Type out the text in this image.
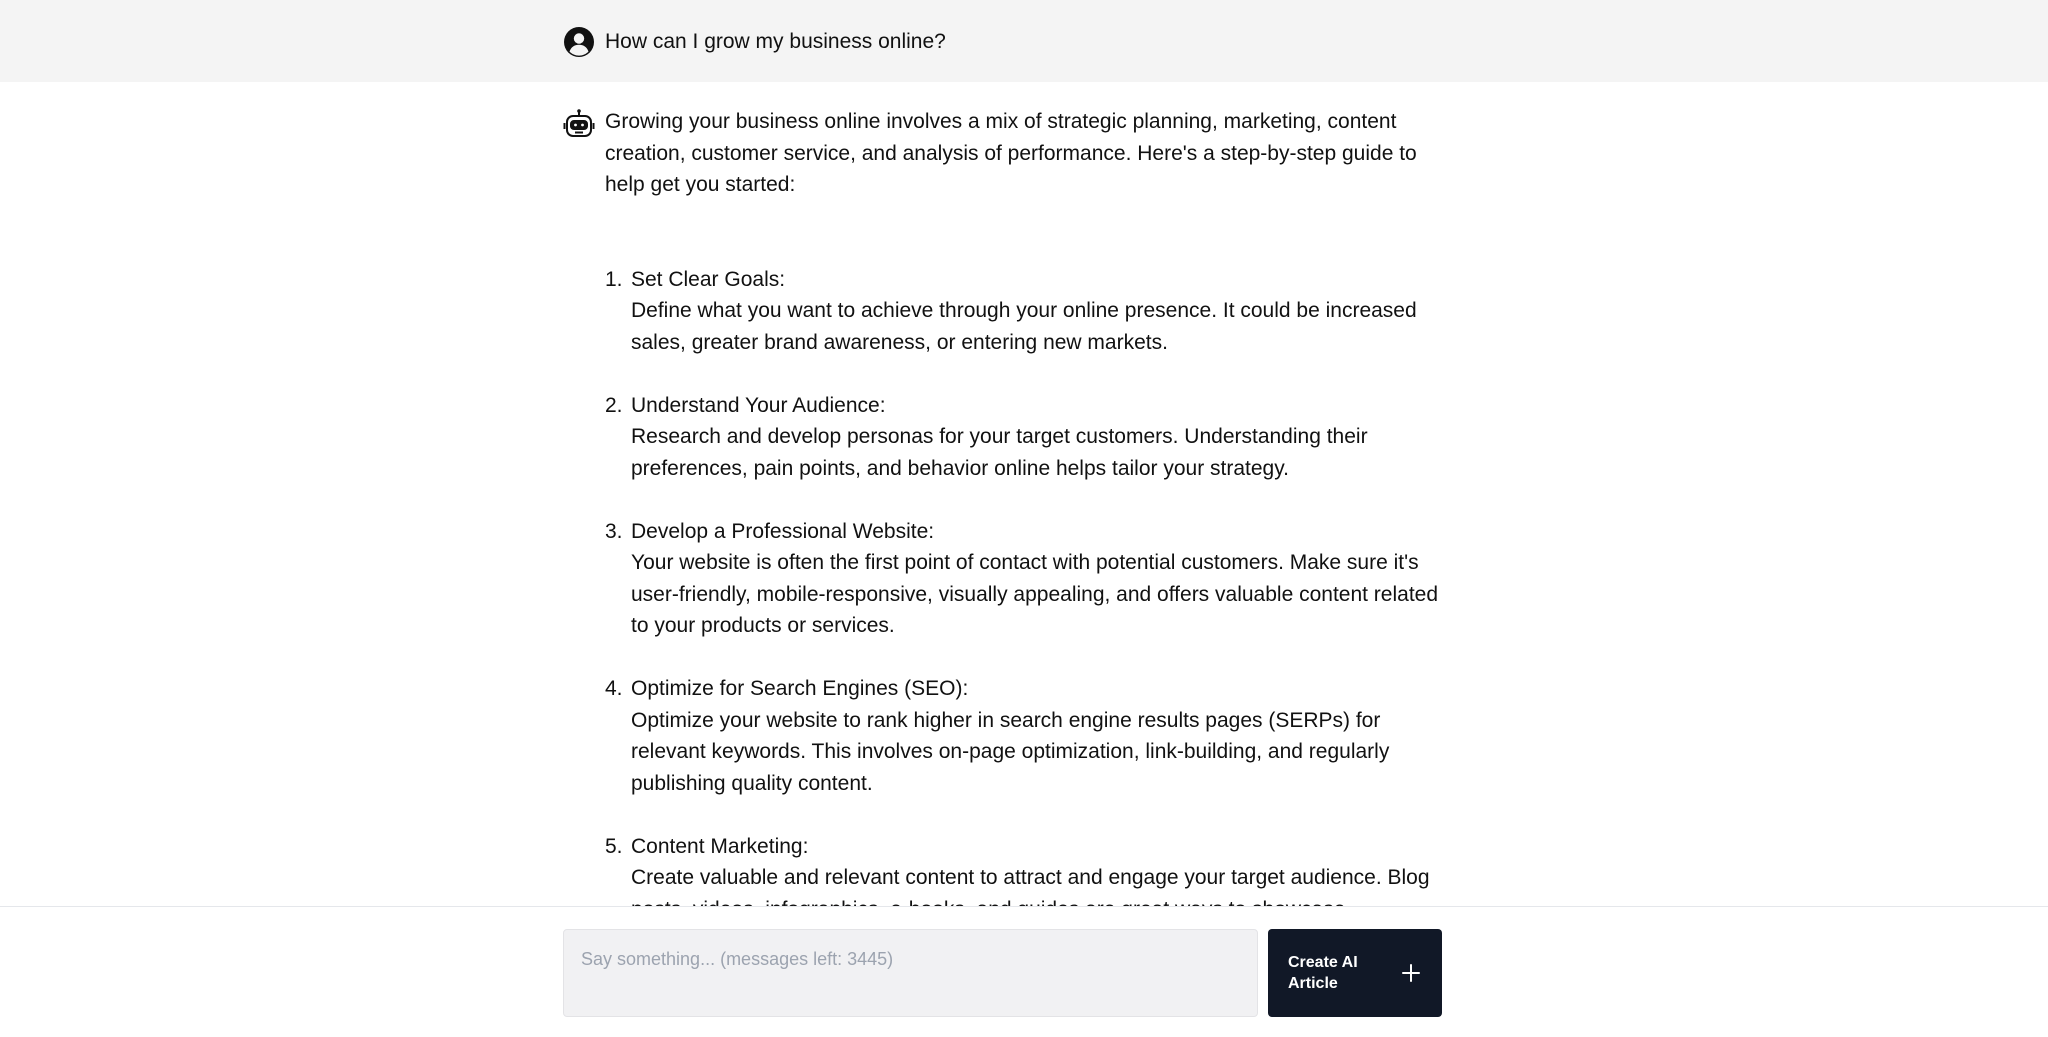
How can I grow my business online?

Growing your business online involves a mix of strategic planning, marketing, content creation, customer service, and analysis of performance. Here's a step-by-step guide to help get you started:

1. Set Clear Goals:
Define what you want to achieve through your online presence. It could be increased sales, greater brand awareness, or entering new markets.
2. Understand Your Audience:
Research and develop personas for your target customers. Understanding their preferences, pain points, and behavior online helps tailor your strategy.
3. Develop a Professional Website:
Your website is often the first point of contact with potential customers. Make sure it's user-friendly, mobile-responsive, visually appealing, and offers valuable content related to your products or services.
4. Optimize for Search Engines (SEO):
Optimize your website to rank higher in search engine results pages (SERPs) for relevant keywords. This involves on-page optimization, link-building, and regularly publishing quality content.
5. Content Marketing:
Create valuable and relevant content to attract and engage your target audience. Blog
Say something... (messages left: 3445)
Create AI Article
